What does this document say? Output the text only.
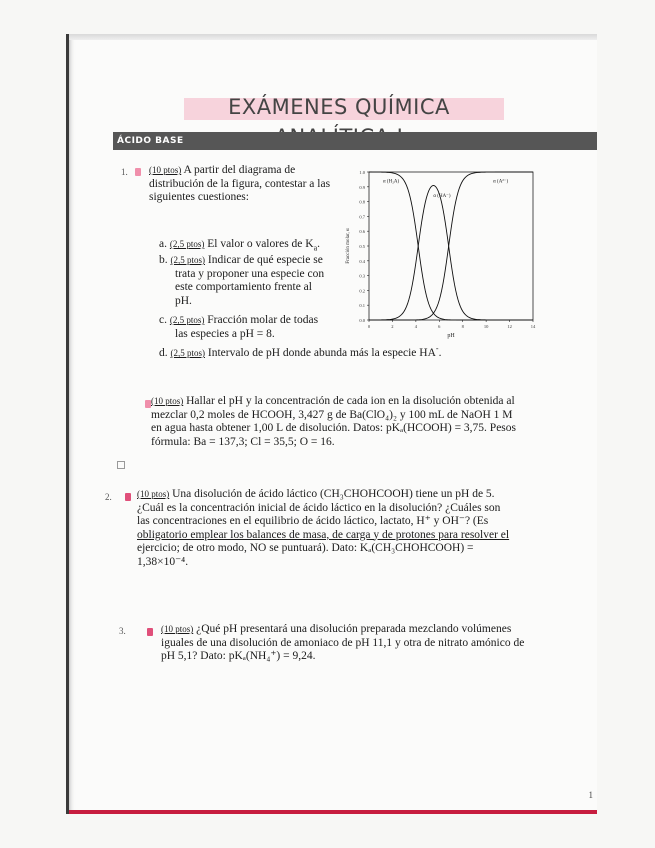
EXÁMENES QUÍMICA
ÁCIDO BASE
1. (10 ptos) A partir del diagrama de
distribución de la figura, contestar a las
siguientes cuestiones:
a. (2,5 ptos) El valor o valores de $K_a$.
b. (2,5 ptos) Indicar de qué especie se
trata y proponer una especie con
este comportamiento frente al
pH.
c. (2,5 ptos) Fracción molar de todas
las especies a pH = 8.
d. (2,5 ptos) Intervalo de pH donde abunda más la especie HA-.
0.0
0.1
0.2
0.3
0.4
0.5
0.6
0.7
0.8
0.9
1.0
0	2	4	6	8	10	12	14
pH
Fracción molar, α
α (H₂A)
α (HA⁻)
α (A²⁻)
(10 ptos) Hallar el pH y la concentración de cada ion en la disolución obtenida al
mezclar 0,2 moles de HCOOH, 3,427 g de Ba(ClO₄)₂ y 100 mL de NaOH 1 M
en agua hasta obtener 1,00 L de disolución. Datos: pKₐ(HCOOH) = 3,75. Pesos
fórmula: Ba = 137,3; Cl = 35,5; O = 16.
2.	(10 ptos) Una disolución de ácido láctico (CH₃CHOHCOOH) tiene un pH de 5.
¿Cuál es la concentración inicial de ácido láctico en la disolución? ¿Cuáles son
las concentraciones en el equilibrio de ácido láctico, lactato, H⁺ y OH⁻? (Es
obligatorio emplear los balances de masa, de carga y de protones para resolver el
ejercicio; de otro modo, NO se puntuará). Dato: Kₐ(CH₃CHOHCOOH) =
1,38×10⁻⁴.
3.	(10 ptos) ¿Qué pH presentará una disolución preparada mezclando volúmenes
iguales de una disolución de amoniaco de pH 11,1 y otra de nitrato amónico de
pH 5,1? Dato: pKₐ(NH₄⁺) = 9,24.
1
